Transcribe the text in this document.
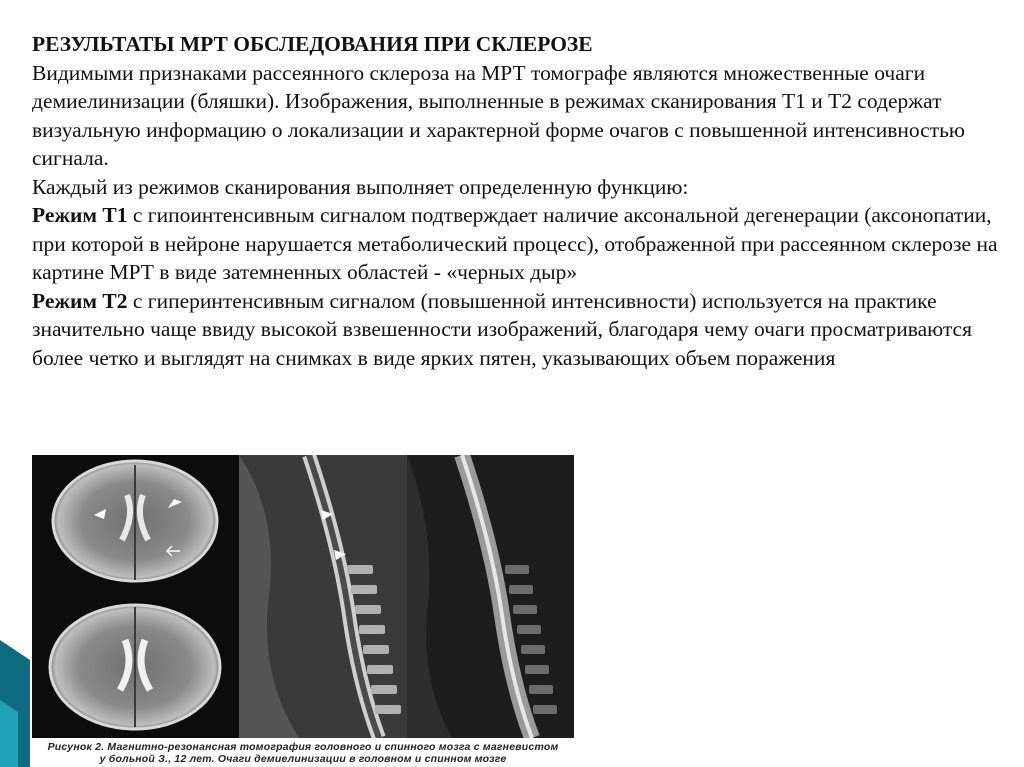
РЕЗУЛЬТАТЫ МРТ ОБСЛЕДОВАНИЯ ПРИ СКЛЕРОЗЕ

Видимыми признаками рассеянного склероза на МРТ томографе являются множественные очаги демиелинизации (бляшки). Изображения, выполненные в режимах сканирования Т1 и Т2 содержат визуальную информацию о локализации и характерной форме очагов с повышенной интенсивностью сигнала.

Каждый из режимов сканирования выполняет определенную функцию:

Режим Т1 с гипоинтенсивным сигналом подтверждает наличие аксональной дегенерации (аксонопатии, при которой в нейроне нарушается метаболический процесс), отображенной при рассеянном склерозе на картине МРТ в виде затемненных областей - «черных дыр»

Режим Т2 с гиперинтенсивным сигналом (повышенной интенсивности) используется на практике значительно чаще ввиду высокой взвешенности изображений, благодаря чему очаги просматриваются более четко и выглядят на снимках в виде ярких пятен, указывающих объем поражения

Рисунок 2. Магнитно-резонансная томография головного и спинного мозга с магневистом
у больной З., 12 лет. Очаги демиелинизации в головном и спинном мозге
